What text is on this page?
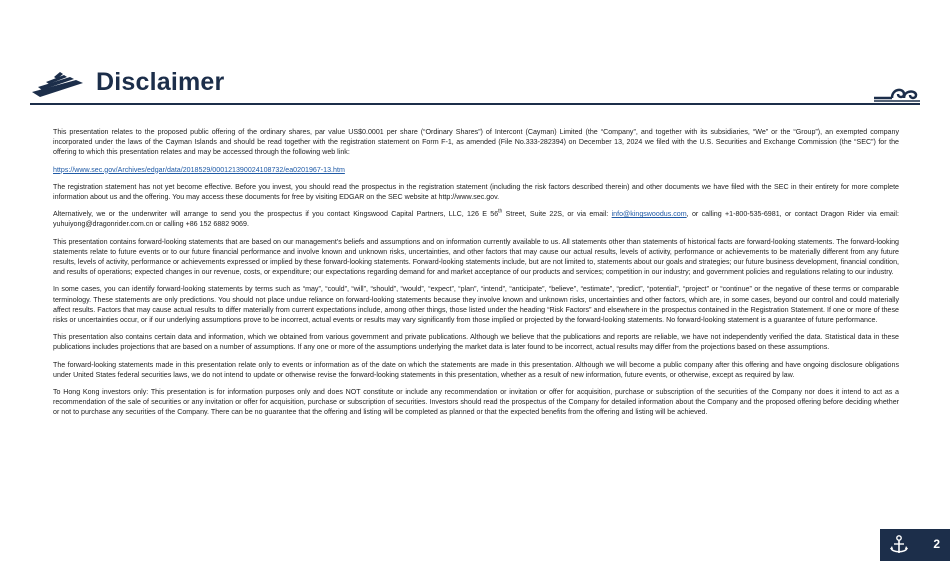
Disclaimer

This presentation relates to the proposed public offering of the ordinary shares, par value US$0.0001 per share (“Ordinary Shares”) of Intercont (Cayman) Limited (the “Company”, and together with its subsidiaries, “We” or the “Group”), an exempted company incorporated under the laws of the Cayman Islands and should be read together with the registration statement on Form F-1, as amended (File No.333-282394) on December 13, 2024 we filed with the U.S. Securities and Exchange Commission (the “SEC”) for the offering to which this presentation relates and may be accessed through the following web link:

https://www.sec.gov/Archives/edgar/data/2018529/000121390024108732/ea0201967-13.htm

The registration statement has not yet become effective. Before you invest, you should read the prospectus in the registration statement (including the risk factors described therein) and other documents we have filed with the SEC in their entirety for more complete information about us and the offering. You may access these documents for free by visiting EDGAR on the SEC website at http://www.sec.gov.

Alternatively, we or the underwriter will arrange to send you the prospectus if you contact Kingswood Capital Partners, LLC, 126 E 56th Street, Suite 22S, or via email: info@kingswoodus.com, or calling +1-800-535-6981, or contact Dragon Rider via email: yuhuiyong@dragonrider.com.cn or calling +86 152 6882 9069.

This presentation contains forward-looking statements that are based on our management’s beliefs and assumptions and on information currently available to us. All statements other than statements of historical facts are forward-looking statements. The forward-looking statements relate to future events or to our future financial performance and involve known and unknown risks, uncertainties, and other factors that may cause our actual results, levels of activity, performance or achievements to be materially different from any future results, levels of activity, performance or achievements expressed or implied by these forward-looking statements. Forward-looking statements include, but are not limited to, statements about our goals and strategies; our future business development, financial condition, and results of operations; expected changes in our revenue, costs, or expenditure; our expectations regarding demand for and market acceptance of our products and services; competition in our industry; and government policies and regulations relating to our industry.

In some cases, you can identify forward-looking statements by terms such as “may”, “could”, “will”, “should”, “would”, “expect”, “plan”, “intend”, “anticipate”, “believe”, “estimate”, “predict”, “potential”, “project” or “continue” or the negative of these terms or comparable terminology. These statements are only predictions. You should not place undue reliance on forward-looking statements because they involve known and unknown risks, uncertainties and other factors, which are, in some cases, beyond our control and could materially affect results. Factors that may cause actual results to differ materially from current expectations include, among other things, those listed under the heading “Risk Factors” and elsewhere in the prospectus contained in the Registration Statement. If one or more of these risks or uncertainties occur, or if our underlying assumptions prove to be incorrect, actual events or results may vary significantly from those implied or projected by the forward-looking statements. No forward-looking statement is a guarantee of future performance.

This presentation also contains certain data and information, which we obtained from various government and private publications. Although we believe that the publications and reports are reliable, we have not independently verified the data. Statistical data in these publications includes projections that are based on a number of assumptions. If any one or more of the assumptions underlying the market data is later found to be incorrect, actual results may differ from the projections based on these assumptions.

The forward-looking statements made in this presentation relate only to events or information as of the date on which the statements are made in this presentation. Although we will become a public company after this offering and have ongoing disclosure obligations under United States federal securities laws, we do not intend to update or otherwise revise the forward-looking statements in this presentation, whether as a result of new information, future events, or otherwise, except as required by law.

To Hong Kong investors only: This presentation is for information purposes only and does NOT constitute or include any recommendation or invitation or offer for acquisition, purchase or subscription of the securities of the Company nor does it intend to act as a recommendation of the sale of securities or any invitation or offer for acquisition, purchase or subscription of securities. Investors should read the prospectus of the Company for detailed information about the Company and the proposed offering before deciding whether or not to purchase any securities of the Company. There can be no guarantee that the offering and listing will be completed as planned or that the expected benefits from the offering and listing will be achieved.

2
